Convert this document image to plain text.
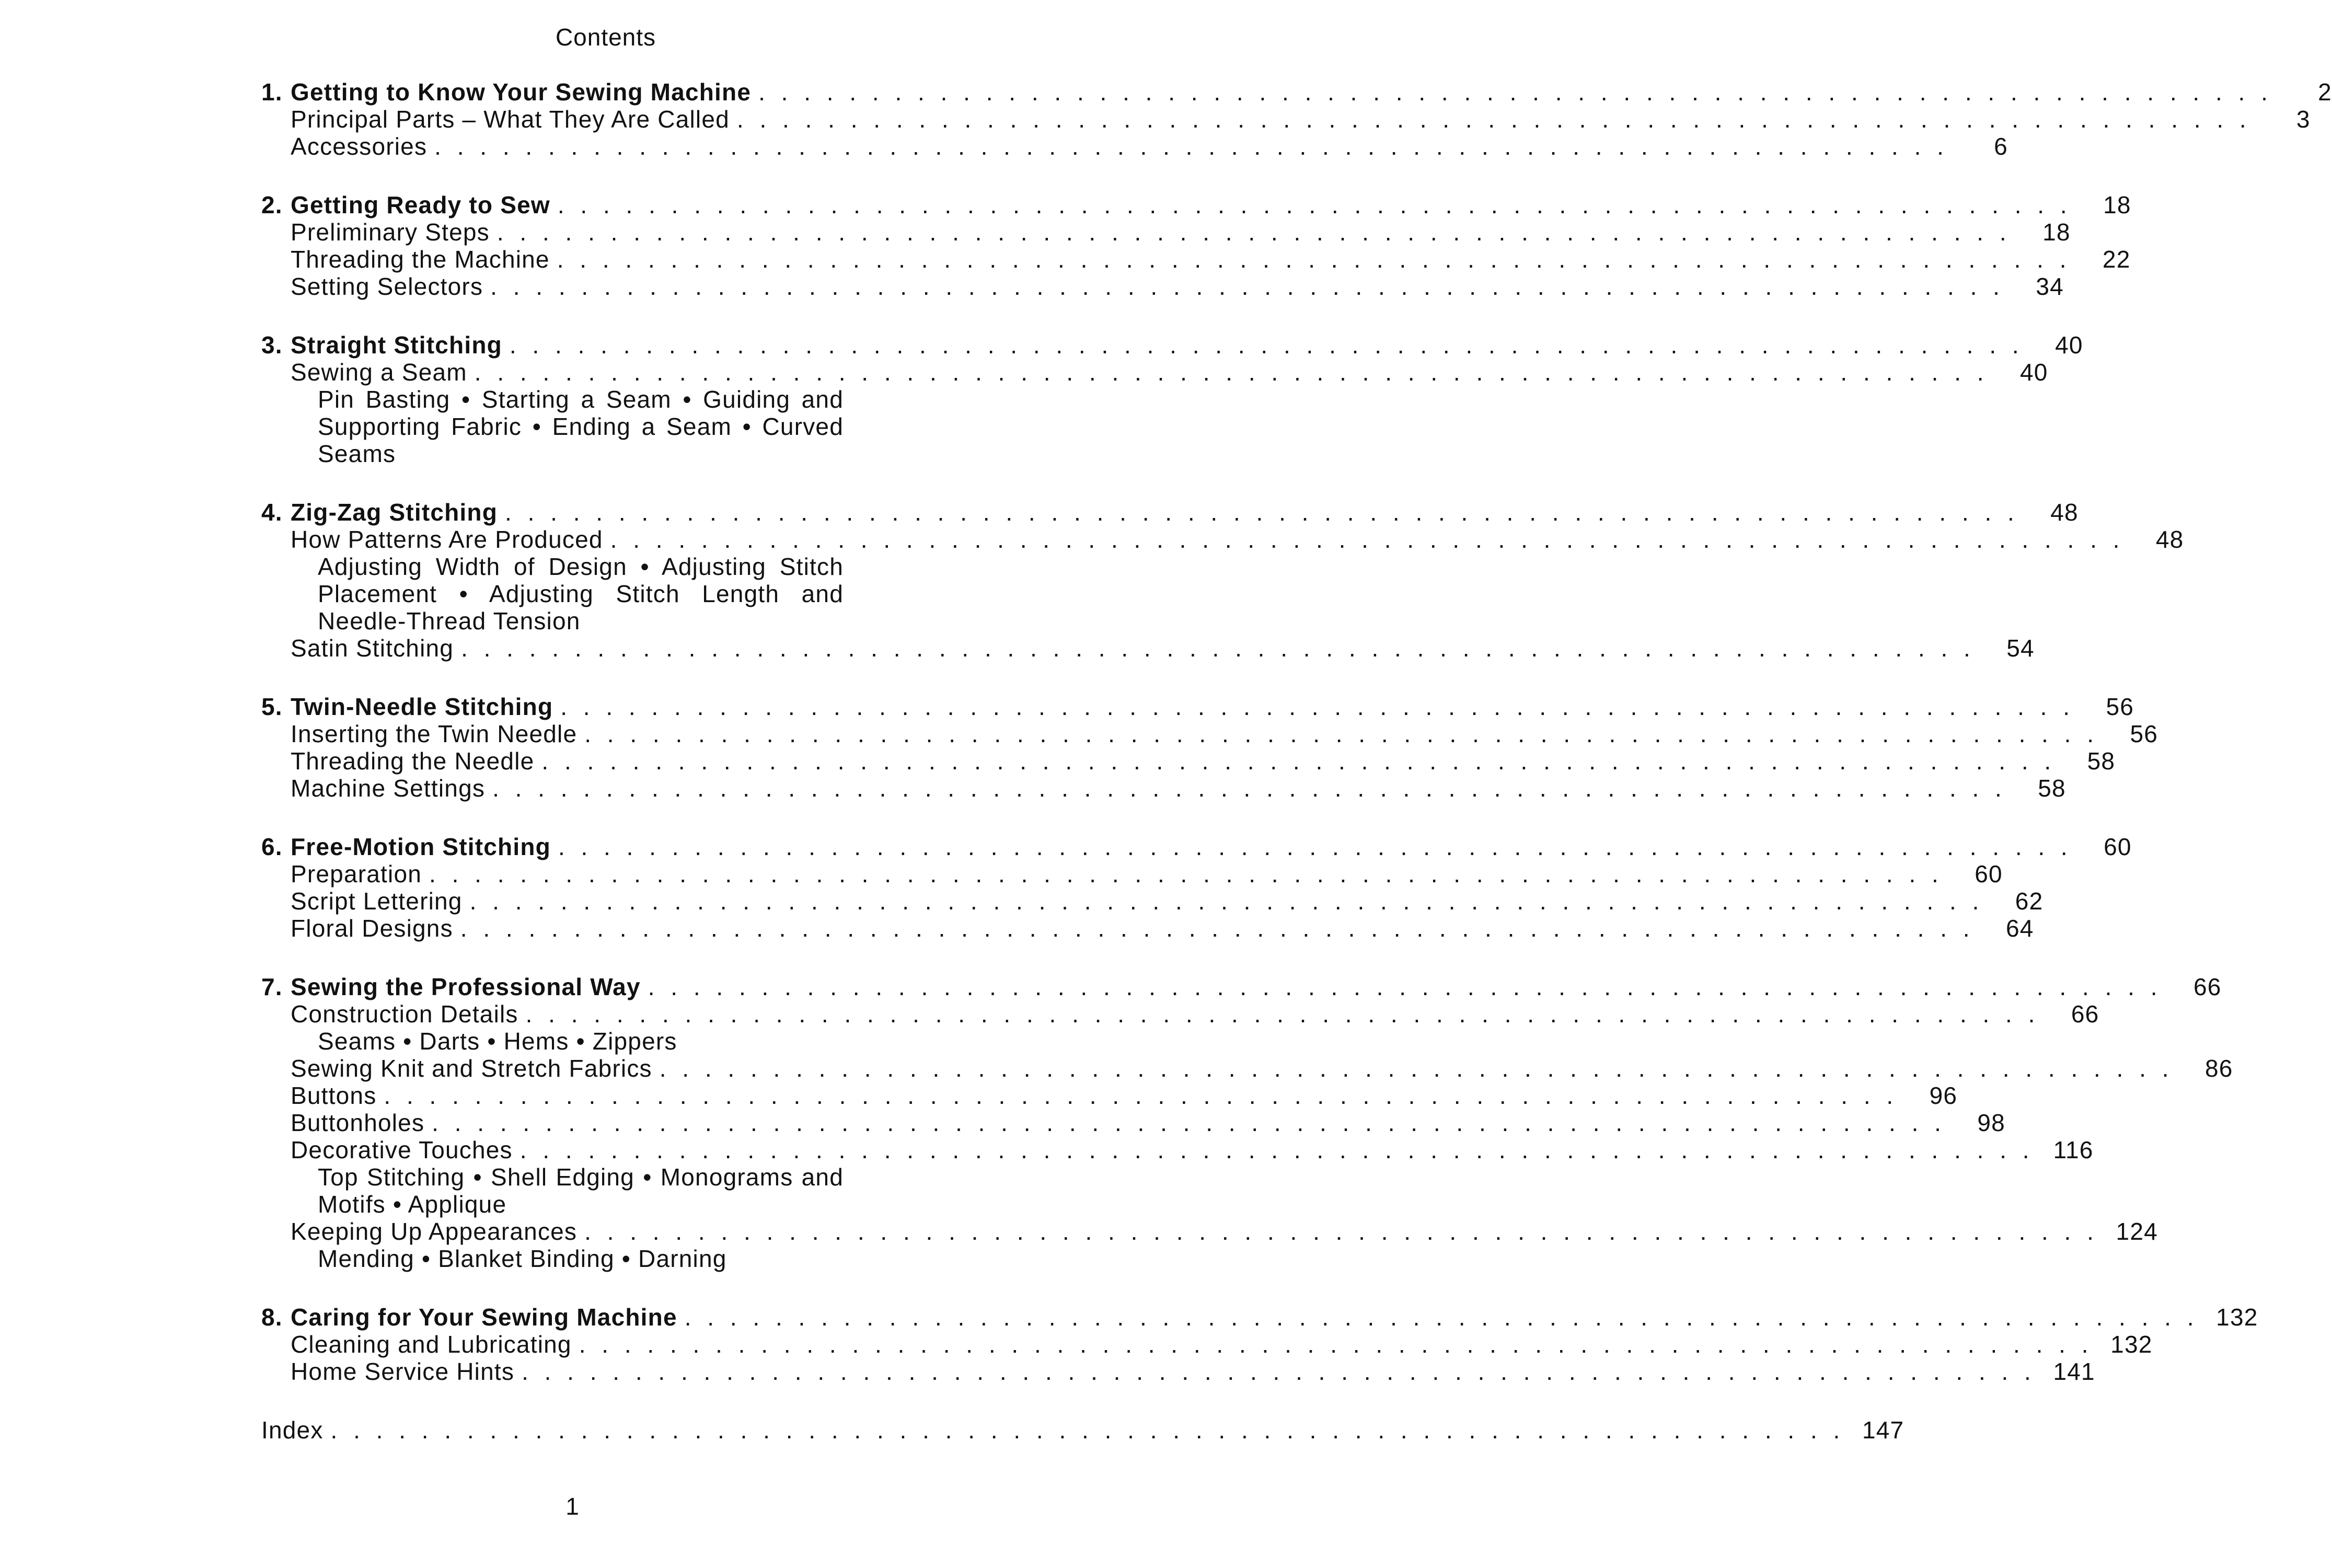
Contents
1. Getting to Know Your Sewing Machine . . . . . . . . . . . . . . . . . . . . . . . . . . . . . . . . . . . . . . . . . . . . . . . . . . . . . . . . . . . . . . . . . . .	2
Principal Parts – What They Are Called . . . . . . . . . . . . . . . . . . . . . . . . . . . . . . . . . . . . . . . . . . . . . . . . . . . . . . . . . . . . . . . . . . .	3
Accessories . . . . . . . . . . . . . . . . . . . . . . . . . . . . . . . . . . . . . . . . . . . . . . . . . . . . . . . . . . . . . . . . . . .	6
2. Getting Ready to Sew . . . . . . . . . . . . . . . . . . . . . . . . . . . . . . . . . . . . . . . . . . . . . . . . . . . . . . . . . . . . . . . . . . .	18
Preliminary Steps . . . . . . . . . . . . . . . . . . . . . . . . . . . . . . . . . . . . . . . . . . . . . . . . . . . . . . . . . . . . . . . . . . .	18
Threading the Machine . . . . . . . . . . . . . . . . . . . . . . . . . . . . . . . . . . . . . . . . . . . . . . . . . . . . . . . . . . . . . . . . . . .	22
Setting Selectors . . . . . . . . . . . . . . . . . . . . . . . . . . . . . . . . . . . . . . . . . . . . . . . . . . . . . . . . . . . . . . . . . . .	34
3. Straight Stitching . . . . . . . . . . . . . . . . . . . . . . . . . . . . . . . . . . . . . . . . . . . . . . . . . . . . . . . . . . . . . . . . . . .	40
Sewing a Seam . . . . . . . . . . . . . . . . . . . . . . . . . . . . . . . . . . . . . . . . . . . . . . . . . . . . . . . . . . . . . . . . . . .	40
Pin Basting • Starting a Seam • Guiding and Supporting Fabric • Ending a Seam • Curved Seams
4. Zig-Zag Stitching . . . . . . . . . . . . . . . . . . . . . . . . . . . . . . . . . . . . . . . . . . . . . . . . . . . . . . . . . . . . . . . . . . .	48
How Patterns Are Produced . . . . . . . . . . . . . . . . . . . . . . . . . . . . . . . . . . . . . . . . . . . . . . . . . . . . . . . . . . . . . . . . . . .	48
Adjusting Width of Design • Adjusting Stitch Placement • Adjusting Stitch Length and Needle-Thread Tension
Satin Stitching . . . . . . . . . . . . . . . . . . . . . . . . . . . . . . . . . . . . . . . . . . . . . . . . . . . . . . . . . . . . . . . . . . .	54
5. Twin-Needle Stitching . . . . . . . . . . . . . . . . . . . . . . . . . . . . . . . . . . . . . . . . . . . . . . . . . . . . . . . . . . . . . . . . . . .	56
Inserting the Twin Needle . . . . . . . . . . . . . . . . . . . . . . . . . . . . . . . . . . . . . . . . . . . . . . . . . . . . . . . . . . . . . . . . . . .	56
Threading the Needle . . . . . . . . . . . . . . . . . . . . . . . . . . . . . . . . . . . . . . . . . . . . . . . . . . . . . . . . . . . . . . . . . . .	58
Machine Settings . . . . . . . . . . . . . . . . . . . . . . . . . . . . . . . . . . . . . . . . . . . . . . . . . . . . . . . . . . . . . . . . . . .	58
6. Free-Motion Stitching . . . . . . . . . . . . . . . . . . . . . . . . . . . . . . . . . . . . . . . . . . . . . . . . . . . . . . . . . . . . . . . . . . .	60
Preparation . . . . . . . . . . . . . . . . . . . . . . . . . . . . . . . . . . . . . . . . . . . . . . . . . . . . . . . . . . . . . . . . . . .	60
Script Lettering . . . . . . . . . . . . . . . . . . . . . . . . . . . . . . . . . . . . . . . . . . . . . . . . . . . . . . . . . . . . . . . . . . .	62
Floral Designs . . . . . . . . . . . . . . . . . . . . . . . . . . . . . . . . . . . . . . . . . . . . . . . . . . . . . . . . . . . . . . . . . . .	64
7. Sewing the Professional Way . . . . . . . . . . . . . . . . . . . . . . . . . . . . . . . . . . . . . . . . . . . . . . . . . . . . . . . . . . . . . . . . . . .	66
Construction Details . . . . . . . . . . . . . . . . . . . . . . . . . . . . . . . . . . . . . . . . . . . . . . . . . . . . . . . . . . . . . . . . . . .	66
Seams • Darts • Hems • Zippers
Sewing Knit and Stretch Fabrics . . . . . . . . . . . . . . . . . . . . . . . . . . . . . . . . . . . . . . . . . . . . . . . . . . . . . . . . . . . . . . . . . . .	86
Buttons . . . . . . . . . . . . . . . . . . . . . . . . . . . . . . . . . . . . . . . . . . . . . . . . . . . . . . . . . . . . . . . . . . .	96
Buttonholes . . . . . . . . . . . . . . . . . . . . . . . . . . . . . . . . . . . . . . . . . . . . . . . . . . . . . . . . . . . . . . . . . . .	98
Decorative Touches . . . . . . . . . . . . . . . . . . . . . . . . . . . . . . . . . . . . . . . . . . . . . . . . . . . . . . . . . . . . . . . . . . . 116
Top Stitching • Shell Edging • Monograms and Motifs • Applique
Keeping Up Appearances . . . . . . . . . . . . . . . . . . . . . . . . . . . . . . . . . . . . . . . . . . . . . . . . . . . . . . . . . . . . . . . . . . . 124
Mending • Blanket Binding • Darning
8. Caring for Your Sewing Machine . . . . . . . . . . . . . . . . . . . . . . . . . . . . . . . . . . . . . . . . . . . . . . . . . . . . . . . . . . . . . . . . . . . 132
Cleaning and Lubricating . . . . . . . . . . . . . . . . . . . . . . . . . . . . . . . . . . . . . . . . . . . . . . . . . . . . . . . . . . . . . . . . . . . 132
Home Service Hints . . . . . . . . . . . . . . . . . . . . . . . . . . . . . . . . . . . . . . . . . . . . . . . . . . . . . . . . . . . . . . . . . . . 141
Index . . . . . . . . . . . . . . . . . . . . . . . . . . . . . . . . . . . . . . . . . . . . . . . . . . . . . . . . . . . . . . . . . . . 147
1
